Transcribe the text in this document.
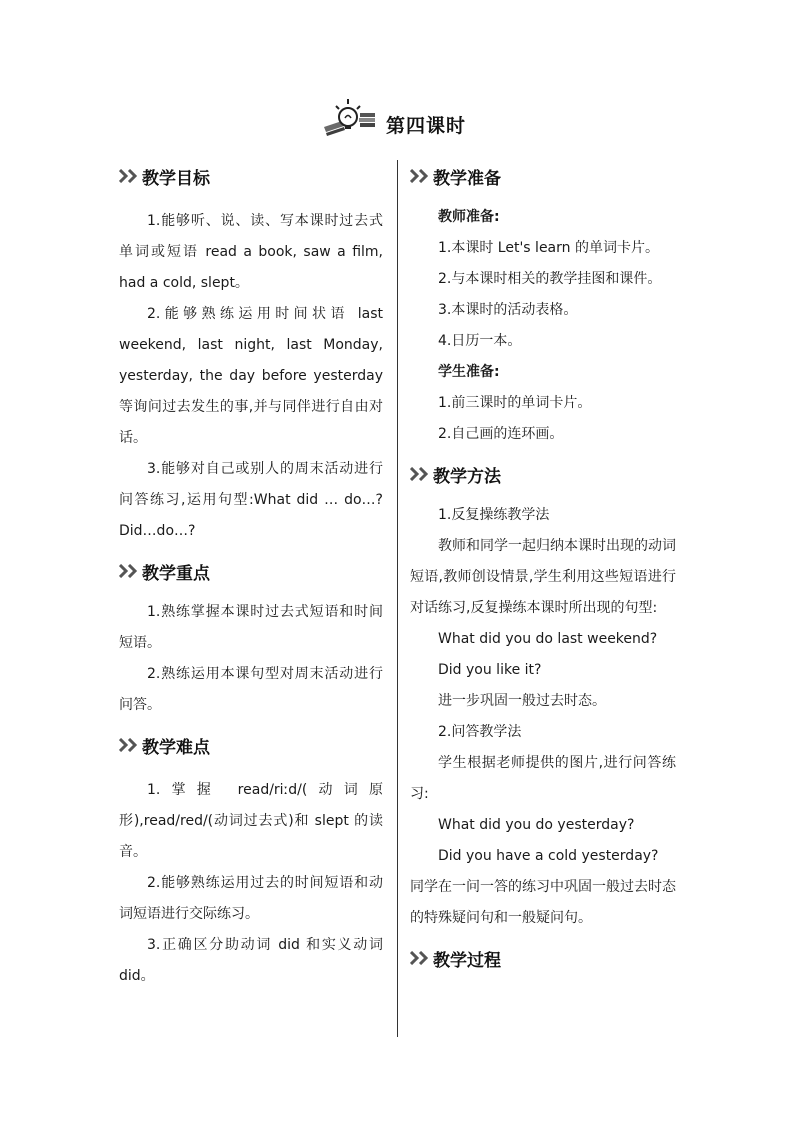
第四课时
教学目标

1.能够听、说、读、写本课时过去式单词或短语 read a book, saw a film, had a cold, slept。

2.能够熟练运用时间状语 last weekend, last night, last Monday, yesterday, the day before yesterday 等询问过去发生的事,并与同伴进行自由对话。

3.能够对自己或别人的周末活动进行问答练习,运用句型:What did … do…? Did…do…?

教学重点

1.熟练掌握本课时过去式短语和时间短语。

2.熟练运用本课句型对周末活动进行问答。

教学难点

1.掌握 read/riːd/(动词原形),read/red/(动词过去式)和 slept 的读音。

2.能够熟练运用过去的时间短语和动词短语进行交际练习。

3.正确区分助动词 did 和实义动词 did。

教学准备

教师准备:

1.本课时 Let's learn 的单词卡片。

2.与本课时相关的教学挂图和课件。

3.本课时的活动表格。

4.日历一本。

学生准备:

1.前三课时的单词卡片。

2.自己画的连环画。

教学方法

1.反复操练教学法

教师和同学一起归纳本课时出现的动词短语,教师创设情景,学生利用这些短语进行对话练习,反复操练本课时所出现的句型:

What did you do last weekend?

Did you like it?

进一步巩固一般过去时态。

2.问答教学法

学生根据老师提供的图片,进行问答练习:

What did you do yesterday?

Did you have a cold yesterday?

同学在一问一答的练习中巩固一般过去时态的特殊疑问句和一般疑问句。

教学过程
